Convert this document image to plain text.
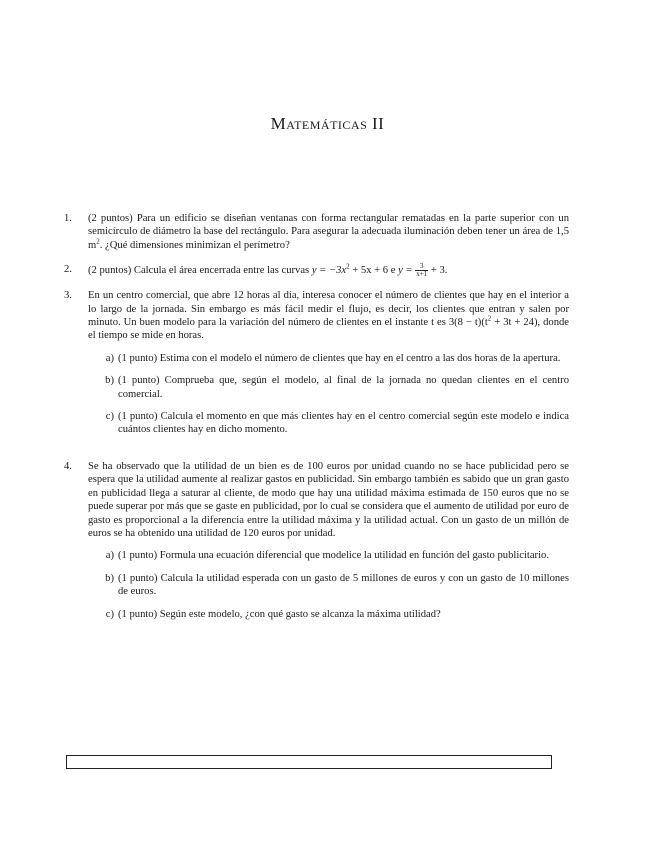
Matemáticas II
1.	(2 puntos) Para un edificio se diseñan ventanas con forma rectangular rematadas en la parte superior con un semicírculo de diámetro la base del rectángulo. Para asegurar la adecuada iluminación deben tener un área de 1,5 $m^2$. ¿Qué dimensiones minimizan el perímetro?
2.	(2 puntos) Calcula el área encerrada entre las curvas $y = -3x^2 + 5x + 6$ e $y = \frac{3}{x+1} + 3$.
3.	En un centro comercial, que abre 12 horas al día, interesa conocer el número de clientes que hay en el interior a lo largo de la jornada. Sin embargo es más fácil medir el flujo, es decir, los clientes que entran y salen por minuto. Un buen modelo para la variación del número de clientes en el instante t es $3(8 - t)(t^2 + 3t + 24)$, donde el tiempo se mide en horas.
a) (1 punto) Estima con el modelo el número de clientes que hay en el centro a las dos horas de la apertura.
b) (1 punto) Comprueba que, según el modelo, al final de la jornada no quedan clientes en el centro comercial.
c) (1 punto) Calcula el momento en que más clientes hay en el centro comercial según este modelo e indica cuántos clientes hay en dicho momento.
4.	Se ha observado que la utilidad de un bien es de 100 euros por unidad cuando no se hace publicidad pero se espera que la utilidad aumente al realizar gastos en publicidad. Sin embargo también es sabido que un gran gasto en publicidad llega a saturar al cliente, de modo que hay una utilidad máxima estimada de 150 euros que no se puede superar por más que se gaste en publicidad, por lo cual se considera que el aumento de utilidad por euro de gasto es proporcional a la diferencia entre la utilidad máxima y la utilidad actual. Con un gasto de un millón de euros se ha obtenido una utilidad de 120 euros por unidad.
a) (1 punto) Formula una ecuación diferencial que modelice la utilidad en función del gasto publicitario.
b) (1 punto) Calcula la utilidad esperada con un gasto de 5 millones de euros y con un gasto de 10 millones de euros.
c) (1 punto) Según este modelo, ¿con qué gasto se alcanza la máxima utilidad?
